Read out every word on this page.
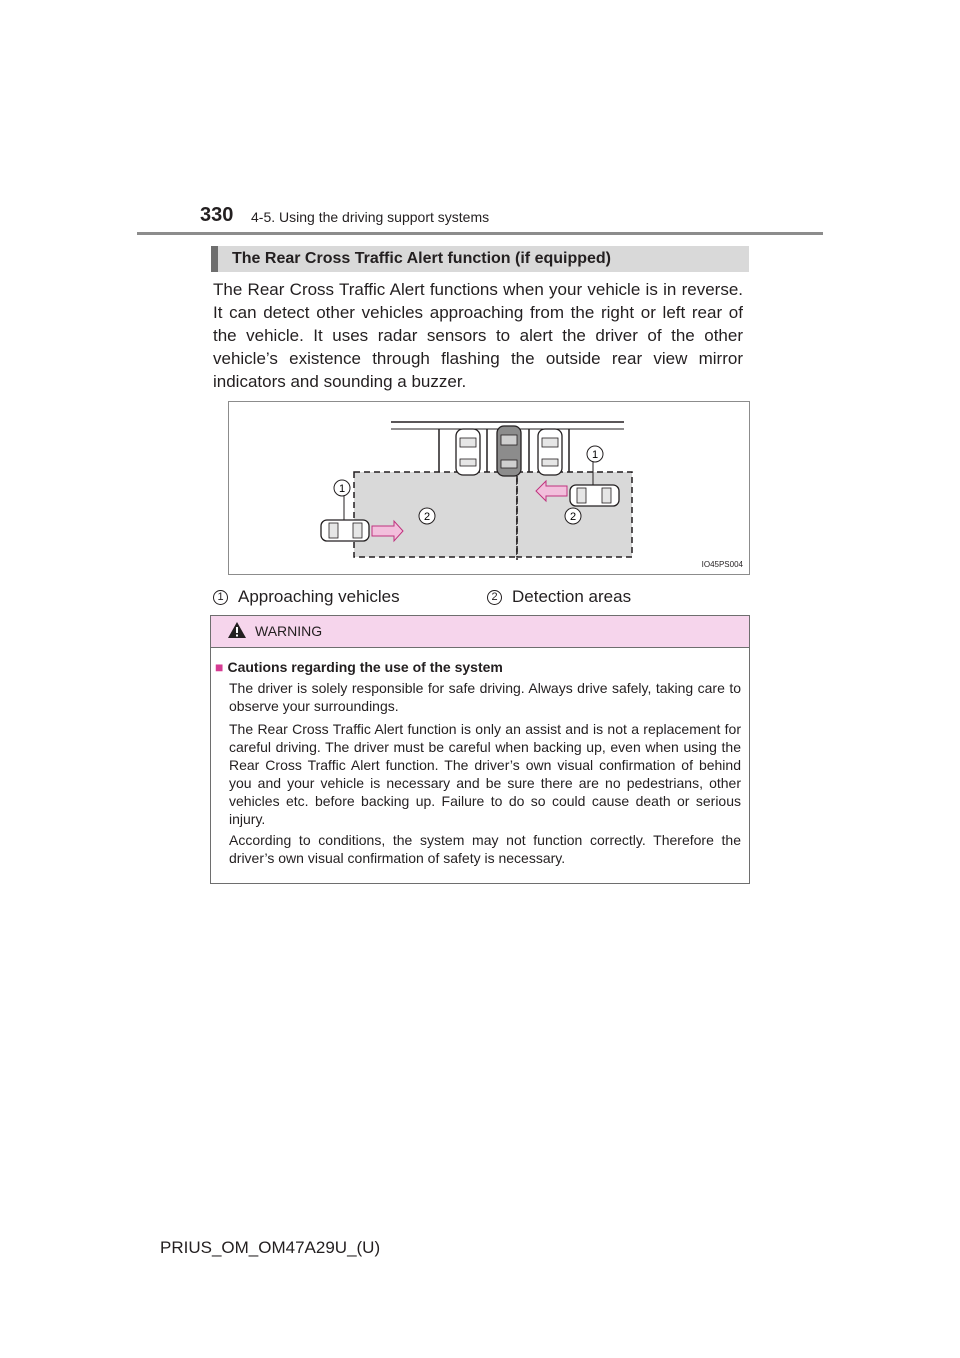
330 4-5. Using the driving support systems
The Rear Cross Traffic Alert function (if equipped)

The Rear Cross Traffic Alert functions when your vehicle is in reverse. It can detect other vehicles approaching from the right or left rear of the vehicle. It uses radar sensors to alert the driver of the other vehicle’s existence through flashing the outside rear view mirror indicators and sounding a buzzer.

1
1
2	2
IO45PS004
1 Approaching vehicles	2 Detection areas
WARNING
■ Cautions regarding the use of the system

The driver is solely responsible for safe driving. Always drive safely, taking care to observe your surroundings.

The Rear Cross Traffic Alert function is only an assist and is not a replacement for careful driving. The driver must be careful when backing up, even when using the Rear Cross Traffic Alert function. The driver’s own visual confirmation of behind you and your vehicle is necessary and be sure there are no pedestrians, other vehicles etc. before backing up. Failure to do so could cause death or serious injury.

According to conditions, the system may not function correctly. Therefore the driver’s own visual confirmation of safety is necessary.

PRIUS_OM_OM47A29U_(U)
